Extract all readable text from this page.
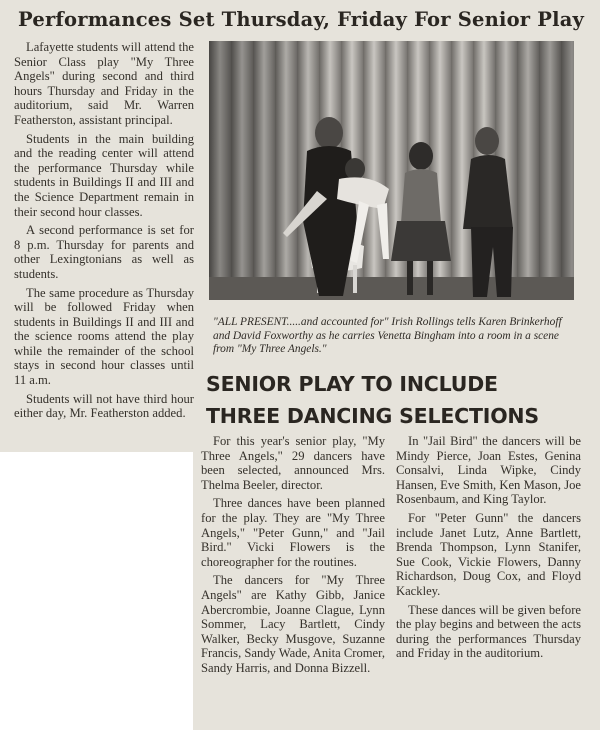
Performances Set Thursday, Friday For Senior Play

Lafayette students will attend the Senior Class play "My Three Angels" during second and third hours Thursday and Friday in the auditorium, said Mr. Warren Featherston, assistant principal.

Students in the main building and the reading center will attend the performance Thursday while students in Buildings II and III and the Science Department remain in their second hour classes.

A second performance is set for 8 p.m. Thursday for parents and other Lexingtonians as well as students.

The same procedure as Thursday will be followed Friday when students in Buildings II and III and the science rooms attend the play while the remainder of the school stays in second hour classes until 11 a.m.

Students will not have third hour either day, Mr. Featherston added.

"ALL PRESENT.....and accounted for" Irish Rollings tells Karen Brinkerhoff and David Foxworthy as he carries Venetta Bingham into a room in a scene from "My Three Angels."

SENIOR PLAY TO INCLUDE
THREE DANCING SELECTIONS

For this year's senior play, "My Three Angels," 29 dancers have been selected, announced Mrs. Thelma Beeler, director.

Three dances have been planned for the play. They are "My Three Angels," "Peter Gunn," and "Jail Bird." Vicki Flowers is the choreographer for the routines.

The dancers for "My Three Angels" are Kathy Gibb, Janice Abercrombie, Joanne Clague, Lynn Sommer, Lacy Bartlett, Cindy Walker, Becky Musgove, Suzanne Francis, Sandy Wade, Anita Cromer, Sandy Harris, and Donna Bizzell.

In "Jail Bird" the dancers will be Mindy Pierce, Joan Estes, Genina Consalvi, Linda Wipke, Cindy Hansen, Eve Smith, Ken Mason, Joe Rosenbaum, and King Taylor.

For "Peter Gunn" the dancers include Janet Lutz, Anne Bartlett, Brenda Thompson, Lynn Stanifer, Sue Cook, Vickie Flowers, Danny Richardson, Doug Cox, and Floyd Kackley.

These dances will be given before the play begins and between the acts during the performances Thursday and Friday in the auditorium.
